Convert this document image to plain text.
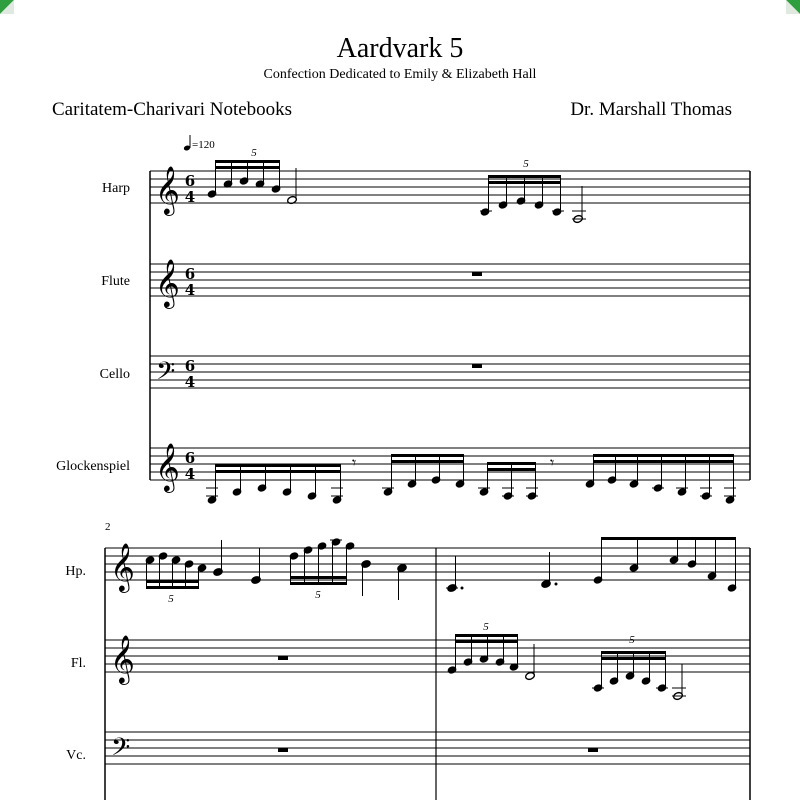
Aardvark 5
Confection Dedicated to Emily & Elizabeth Hall
Caritatem-Charivari Notebooks	Dr. Marshall Thomas
Harp
Flute
Cello
Glockenspiel
Hp.
Fl.
Vc.
𝄞
𝄞
𝄢
𝄞
6
4
6
4
6
4
6
4
=120
5
5
𝄾	𝄾
2
𝄞
𝄞
𝄢
5	5
5
5
